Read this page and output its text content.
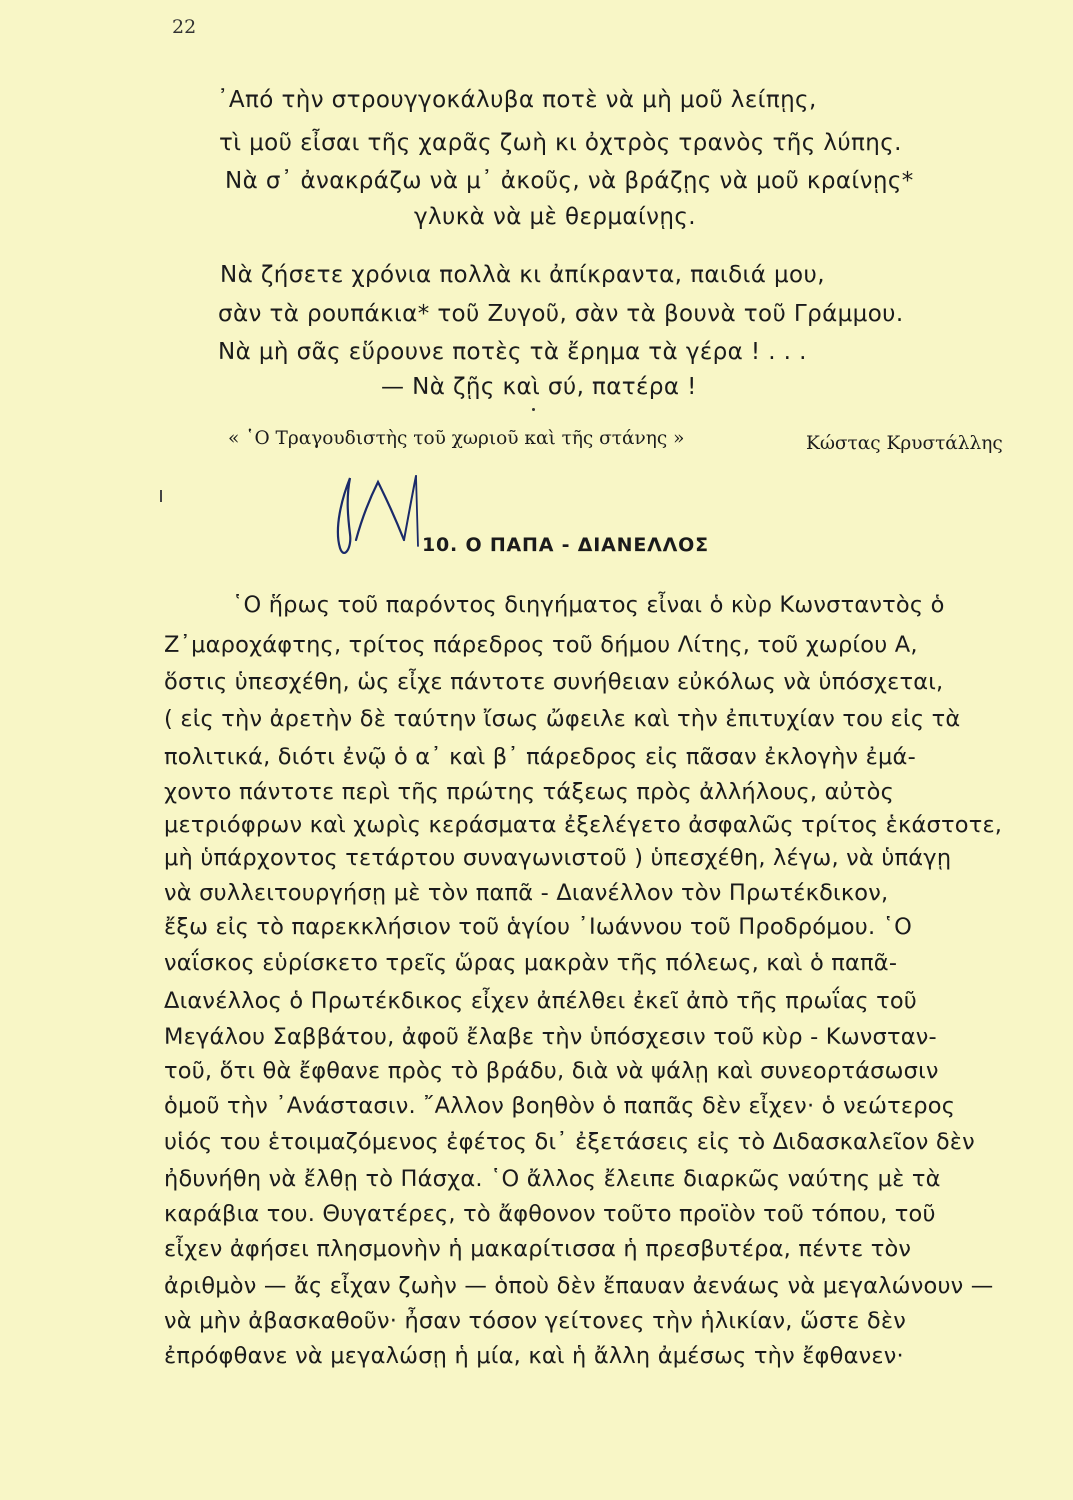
22
᾿Από τὴν στρουγγοκάλυβα ποτὲ νὰ μὴ μοῦ λείπῃς,
τὶ μοῦ εἶσαι τῆς χαρᾶς ζωὴ κι ὀχτρὸς τρανὸς τῆς λύπης.
Νὰ σ᾿ ἀνακράζω νὰ μ᾿ ἀκοῦς, νὰ βράζῃς νὰ μοῦ κραίνῃς*
γλυκὰ νὰ μὲ θερμαίνῃς.
Νὰ ζήσετε χρόνια πολλὰ κι ἀπίκραντα, παιδιά μου,
σὰν τὰ ρουπάκια* τοῦ Ζυγοῦ, σὰν τὰ βουνὰ τοῦ Γράμμου.
Νὰ μὴ σᾶς εὕρουνε ποτὲς τὰ ἔρημα τὰ γέρα ! . . .
— Νὰ ζῇς καὶ σύ, πατέρα !
« ῾Ο Τραγουδιστὴς τοῦ χωριοῦ καὶ τῆς στάνης »	Κώστας Κρυστάλλης
10. Ο ΠΑΠΑ - ΔΙΑΝΕΛΛΟΣ
῾Ο ἥρως τοῦ παρόντος διηγήματος εἶναι ὁ κὺρ Κωνσταντὸς ὁ
Ζ᾿μαροχάφτης, τρίτος πάρεδρος τοῦ δήμου Λίτης, τοῦ χωρίου Α,
ὅστις ὑπεσχέθη, ὡς εἶχε πάντοτε συνήθειαν εὐκόλως νὰ ὑπόσχεται,
( εἰς τὴν ἀρετὴν δὲ ταύτην ἴσως ὤφειλε καὶ τὴν ἐπιτυχίαν του εἰς τὰ
πολιτικά, διότι ἐνῷ ὁ α᾿ καὶ β᾿ πάρεδρος εἰς πᾶσαν ἐκλογὴν ἐμά-
χοντο πάντοτε περὶ τῆς πρώτης τάξεως πρὸς ἀλλήλους, αὐτὸς
μετριόφρων καὶ χωρὶς κεράσματα ἐξελέγετο ἀσφαλῶς τρίτος ἑκάστοτε,
μὴ ὑπάρχοντος τετάρτου συναγωνιστοῦ ) ὑπεσχέθη, λέγω, νὰ ὑπάγῃ
νὰ συλλειτουργήσῃ μὲ τὸν παπᾶ - Διανέλλον τὸν Πρωτέκδικον,
ἔξω εἰς τὸ παρεκκλήσιον τοῦ ἁγίου ᾿Ιωάννου τοῦ Προδρόμου. ῾Ο
ναΐσκος εὑρίσκετο τρεῖς ὥρας μακρὰν τῆς πόλεως, καὶ ὁ παπᾶ-
Διανέλλος ὁ Πρωτέκδικος εἶχεν ἀπέλθει ἐκεῖ ἀπὸ τῆς πρωΐας τοῦ
Μεγάλου Σαββάτου, ἀφοῦ ἔλαβε τὴν ὑπόσχεσιν τοῦ κὺρ - Κωνσταν-
τοῦ, ὅτι θὰ ἔφθανε πρὸς τὸ βράδυ, διὰ νὰ ψάλῃ καὶ συνεορτάσωσιν
ὁμοῦ τὴν ᾿Ανάστασιν. ῎Αλλον βοηθὸν ὁ παπᾶς δὲν εἶχεν· ὁ νεώτερος
υἱός του ἑτοιμαζόμενος ἐφέτος δι᾿ ἐξετάσεις εἰς τὸ Διδασκαλεῖον δὲν
ἠδυνήθη νὰ ἔλθῃ τὸ Πάσχα. ῾Ο ἄλλος ἔλειπε διαρκῶς ναύτης μὲ τὰ
καράβια του. Θυγατέρες, τὸ ἄφθονον τοῦτο προϊὸν τοῦ τόπου, τοῦ
εἶχεν ἀφήσει πλησμονὴν ἡ μακαρίτισσα ἡ πρεσβυτέρα, πέντε τὸν
ἀριθμὸν — ἄς εἶχαν ζωὴν — ὁποὺ δὲν ἔπαυαν ἀενάως νὰ μεγαλώνουν —
νὰ μὴν ἀβασκαθοῦν· ἦσαν τόσον γείτονες τὴν ἡλικίαν, ὥστε δὲν
ἐπρόφθανε νὰ μεγαλώσῃ ἡ μία, καὶ ἡ ἄλλη ἀμέσως τὴν ἔφθανεν·
